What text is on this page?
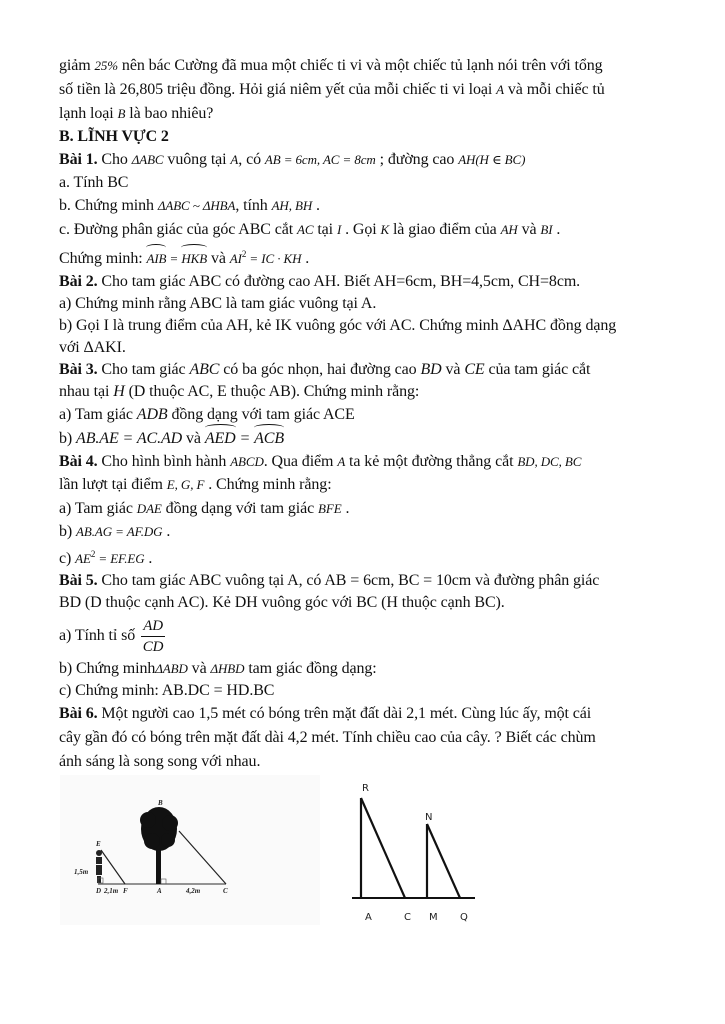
giảm 25% nên bác Cường đã mua một chiếc ti vi và một chiếc tủ lạnh nói trên với tổng
số tiền là 26,805 triệu đồng. Hỏi giá niêm yết của mỗi chiếc ti vi loại A và mỗi chiếc tủ
lạnh loại B là bao nhiêu?
B. LĨNH VỰC 2
Bài 1. Cho ΔABC vuông tại A, có AB = 6cm, AC = 8cm ; đường cao AH(H ∈ BC)
a. Tính BC
b. Chứng minh ΔABC ~ ΔHBA, tính AH, BH .
c. Đường phân giác của góc ABC cắt AC tại I . Gọi K là giao điểm của AH và BI .
Chứng minh: AIB = HKB và $AI^2$ = IC · KH .
Bài 2. Cho tam giác ABC có đường cao AH. Biết AH=6cm, BH=4,5cm, CH=8cm.
a) Chứng minh rằng ABC là tam giác vuông tại A.
b) Gọi I là trung điểm của AH, kẻ IK vuông góc với AC. Chứng minh ΔAHC đồng dạng
với ΔAKI.
Bài 3. Cho tam giác ABC có ba góc nhọn, hai đường cao BD và CE của tam giác cắt
nhau tại H (D thuộc AC, E thuộc AB). Chứng minh rằng:
a) Tam giác ADB đồng dạng với tam giác ACE
b) AB.AE = AC.AD và AED = ACB
Bài 4. Cho hình bình hành ABCD. Qua điểm A ta kẻ một đường thẳng cắt BD, DC, BC
lần lượt tại điểm E, G, F . Chứng minh rằng:
a) Tam giác DAE đồng dạng với tam giác BFE .
b) AB.AG = AF.DG .
c) $AE^2 = EF.EG$ .
Bài 5. Cho tam giác ABC vuông tại A, có AB = 6cm, BC = 10cm và đường phân giác
BD (D thuộc cạnh AC). Kẻ DH vuông góc với BC (H thuộc cạnh BC).
a) Tính tỉ số $\frac{AD}{CD}$
b) Chứng minhΔABD và ΔHBD tam giác đồng dạng:
c) Chứng minh: AB.DC = HD.BC
Bài 6. Một người cao 1,5 mét có bóng trên mặt đất dài 2,1 mét. Cùng lúc ấy, một cái
cây gần đó có bóng trên mặt đất dài 4,2 mét. Tính chiều cao của cây. ? Biết các chùm
ánh sáng là song song với nhau.
B
E
1,5m
D 2,1m F	A	4,2m	C
R
N
A	C M Q
